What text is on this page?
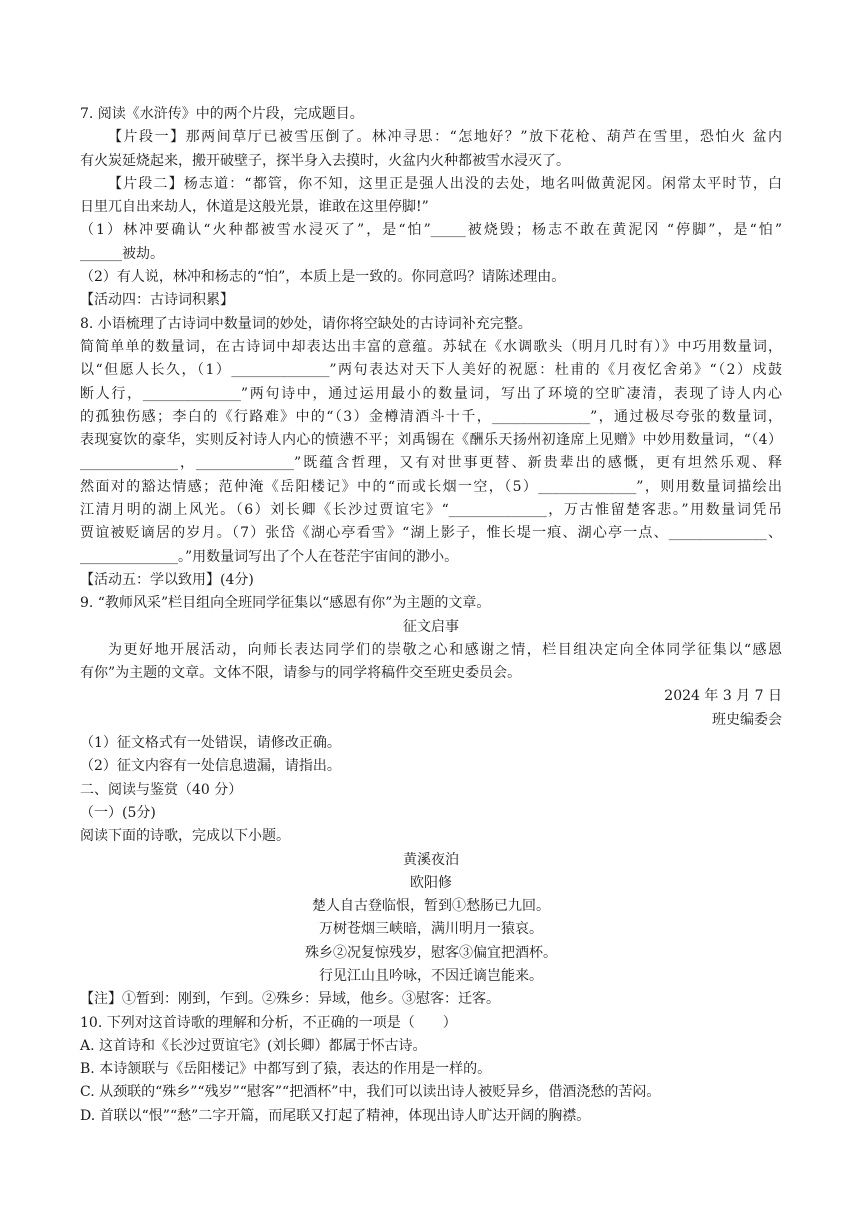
7. 阅读《水浒传》中的两个片段，完成题目。
【片段一】那两间草厅已被雪压倒了。林冲寻思：“怎地好？”放下花枪、葫芦在雪里，恐怕火 盆内
有火炭延烧起来，搬开破壁子，探半身入去摸时，火盆内火种都被雪水浸灭了。
【片段二】杨志道：“都管，你不知，这里正是强人出没的去处，地名叫做黄泥冈。闲常太平时节，白
日里兀自出来劫人，休道是这般光景，谁敢在这里停脚!”
（1）林冲要确认“火种都被雪水浸灭了”，是“怕”_____被烧毁；杨志不敢在黄泥冈 “停脚”，是“怕”
______被劫。
（2）有人说，林冲和杨志的“怕”，本质上是一致的。你同意吗？请陈述理由。
【活动四：古诗词积累】
8. 小语梳理了古诗词中数量词的妙处，请你将空缺处的古诗词补充完整。
简简单单的数量词，在古诗词中却表达出丰富的意蕴。苏轼在《水调歌头（明月几时有）》中巧用数量词，
以“但愿人长久，（1）______________”两句表达对天下人美好的祝愿：杜甫的《月夜忆舍弟》“（2）戍鼓
断人行，______________”两句诗中，通过运用最小的数量词，写出了环境的空旷凄清，表现了诗人内心
的孤独伤感；李白的《行路难》中的“（3）金樽清酒斗十千，______________”，通过极尽夸张的数量词，
表现宴饮的豪华，实则反衬诗人内心的愤懑不平；刘禹锡在《酬乐天扬州初逢席上见赠》中妙用数量词，“（4）
______________，______________”既蕴含哲理，又有对世事更替、新贵辈出的感慨，更有坦然乐观、释
然面对的豁达情感；范仲淹《岳阳楼记》中的“而或长烟一空，（5）______________”，则用数量词描绘出
江清月明的湖上风光。（6）刘长卿《长沙过贾谊宅》“______________，万古惟留楚客悲。”用数量词凭吊
贾谊被贬谪居的岁月。（7）张岱《湖心亭看雪》“湖上影子，惟长堤一痕、湖心亭一点、______________、
______________。”用数量词写出了个人在苍茫宇宙间的渺小。
【活动五：学以致用】(4分)
9. “教师风采”栏目组向全班同学征集以“感恩有你”为主题的文章。
征文启事
为更好地开展活动，向师长表达同学们的崇敬之心和感谢之情，栏目组决定向全体同学征集以“感恩
有你”为主题的文章。文体不限，请参与的同学将稿件交至班史委员会。
2024 年 3 月 7 日
班史编委会
（1）征文格式有一处错误，请修改正确。
（2）征文内容有一处信息遗漏，请指出。
二、阅读与鉴赏（40 分）
（一）(5分)
阅读下面的诗歌，完成以下小题。
黄溪夜泊
欧阳修
楚人自古登临恨，暂到①愁肠已九回。
万树苍烟三峡暗，满川明月一猿哀。
殊乡②况复惊残岁，慰客③偏宜把酒杯。
行见江山且吟咏，不因迁谪岂能来。
【注】①暂到：刚到，乍到。②殊乡：异域，他乡。③慰客：迁客。
10. 下列对这首诗歌的理解和分析，不正确的一项是（　　）
A. 这首诗和《长沙过贾谊宅》(刘长卿）都属于怀古诗。
B. 本诗颔联与《岳阳楼记》中都写到了猿，表达的作用是一样的。
C. 从颈联的“殊乡”“残岁”“慰客”“把酒杯”中，我们可以读出诗人被贬异乡，借酒浇愁的苦闷。
D. 首联以“恨”“愁”二字开篇，而尾联又打起了精神，体现出诗人旷达开阔的胸襟。
